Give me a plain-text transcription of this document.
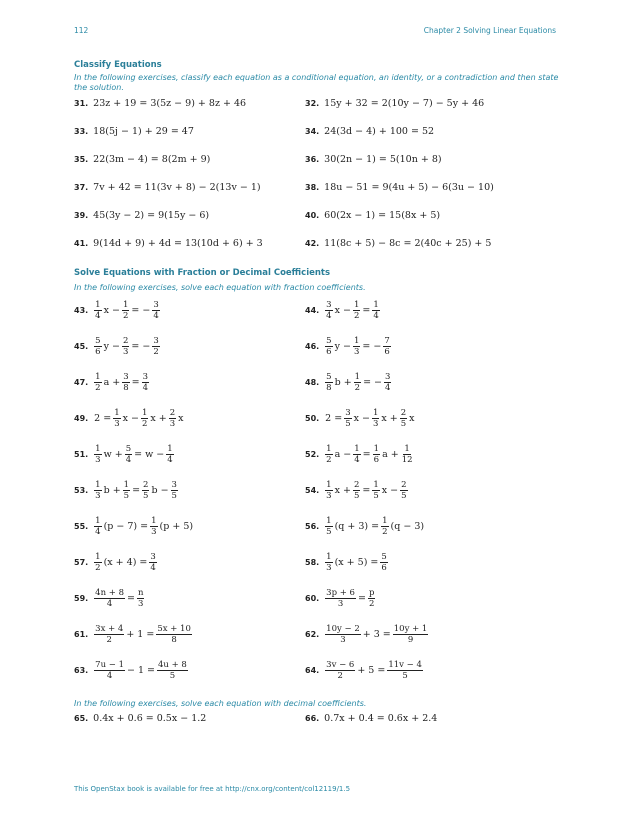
112	Chapter 2 Solving Linear Equations
Classify Equations
In the following exercises, classify each equation as a conditional equation, an identity, or a contradiction and then state the solution.
31. 23z + 19 = 3(5z − 9) + 8z + 46	32. 15y + 32 = 2(10y − 7) − 5y + 46
33. 18(5j − 1) + 29 = 47	34. 24(3d − 4) + 100 = 52
35. 22(3m − 4) = 8(2m + 9)	36. 30(2n − 1) = 5(10n + 8)
37. 7v + 42 = 11(3v + 8) − 2(13v − 1)	38. 18u − 51 = 9(4u + 5) − 6(3u − 10)
39. 45(3y − 2) = 9(15y − 6)	40. 60(2x − 1) = 15(8x + 5)
41. 9(14d + 9) + 4d = 13(10d + 6) + 3	42. 11(8c + 5) − 8c = 2(40c + 25) + 5
Solve Equations with Fraction or Decimal Coefficients
In the following exercises, solve each equation with fraction coefficients.
43. $\frac{1}{4}$ $x - \frac{1}{2}$ = − $\frac{3}{4}$	44. $\frac{3}{4}$ $x - \frac{1}{2} = \frac{1}{4}$
45. $\frac{5}{6}$ $y - \frac{2}{3}$ = − $\frac{3}{2}$	46. $\frac{5}{6}$ $y - \frac{1}{3}$ = − $\frac{7}{6}$
47. $\frac{1}{2}$ $a + \frac{3}{8} = \frac{3}{4}$	48. $\frac{5}{8}$ $b + \frac{1}{2}$ = − $\frac{3}{4}$
49. $2 = \frac{1}{3}$ $x - \frac{1}{2}$ $x + \frac{2}{3}$ x	50. $2 = \frac{3}{5}$ $x - \frac{1}{3}$ $x + \frac{2}{5}$ x
51. $\frac{1}{3}$ $w + \frac{5}{4} = w - \frac{1}{4}$	52. $\frac{1}{2}$ $a - \frac{1}{4} = \frac{1}{6}$ $a + \frac{1}{12}$
53. $\frac{1}{3}$ $b + \frac{1}{5} = \frac{2}{5}$ $b - \frac{3}{5}$	54. $\frac{1}{3}$ $x + \frac{2}{5} = \frac{1}{5}$ $x - \frac{2}{5}$
55. $\frac{1}{4} (p - 7) = \frac{1}{3} (p + 5)$	56. $\frac{1}{5} (q + 3) = \frac{1}{2} (q - 3)$
57. $\frac{1}{2} (x + 4) = \frac{3}{4}$	58. $\frac{1}{3} (x + 5) = \frac{5}{6}$
59. $\frac{4n + 8}{4} = \frac{n}{3}$	60. $\frac{3p + 6}{3} = \frac{p}{2}$
61. $\frac{3x + 4}{2} + 1 = \frac{5x + 10}{8}$	62. $\frac{10y - 2}{3} + 3 = \frac{10y + 1}{9}$
63. $\frac{7u - 1}{4} - 1 = \frac{4u + 8}{5}$	64. $\frac{3v - 6}{2} + 5 = \frac{11v - 4}{5}$
In the following exercises, solve each equation with decimal coefficients.
65. 0.4x + 0.6 = 0.5x − 1.2	66. 0.7x + 0.4 = 0.6x + 2.4
This OpenStax book is available for free at http://cnx.org/content/col12119/1.5
